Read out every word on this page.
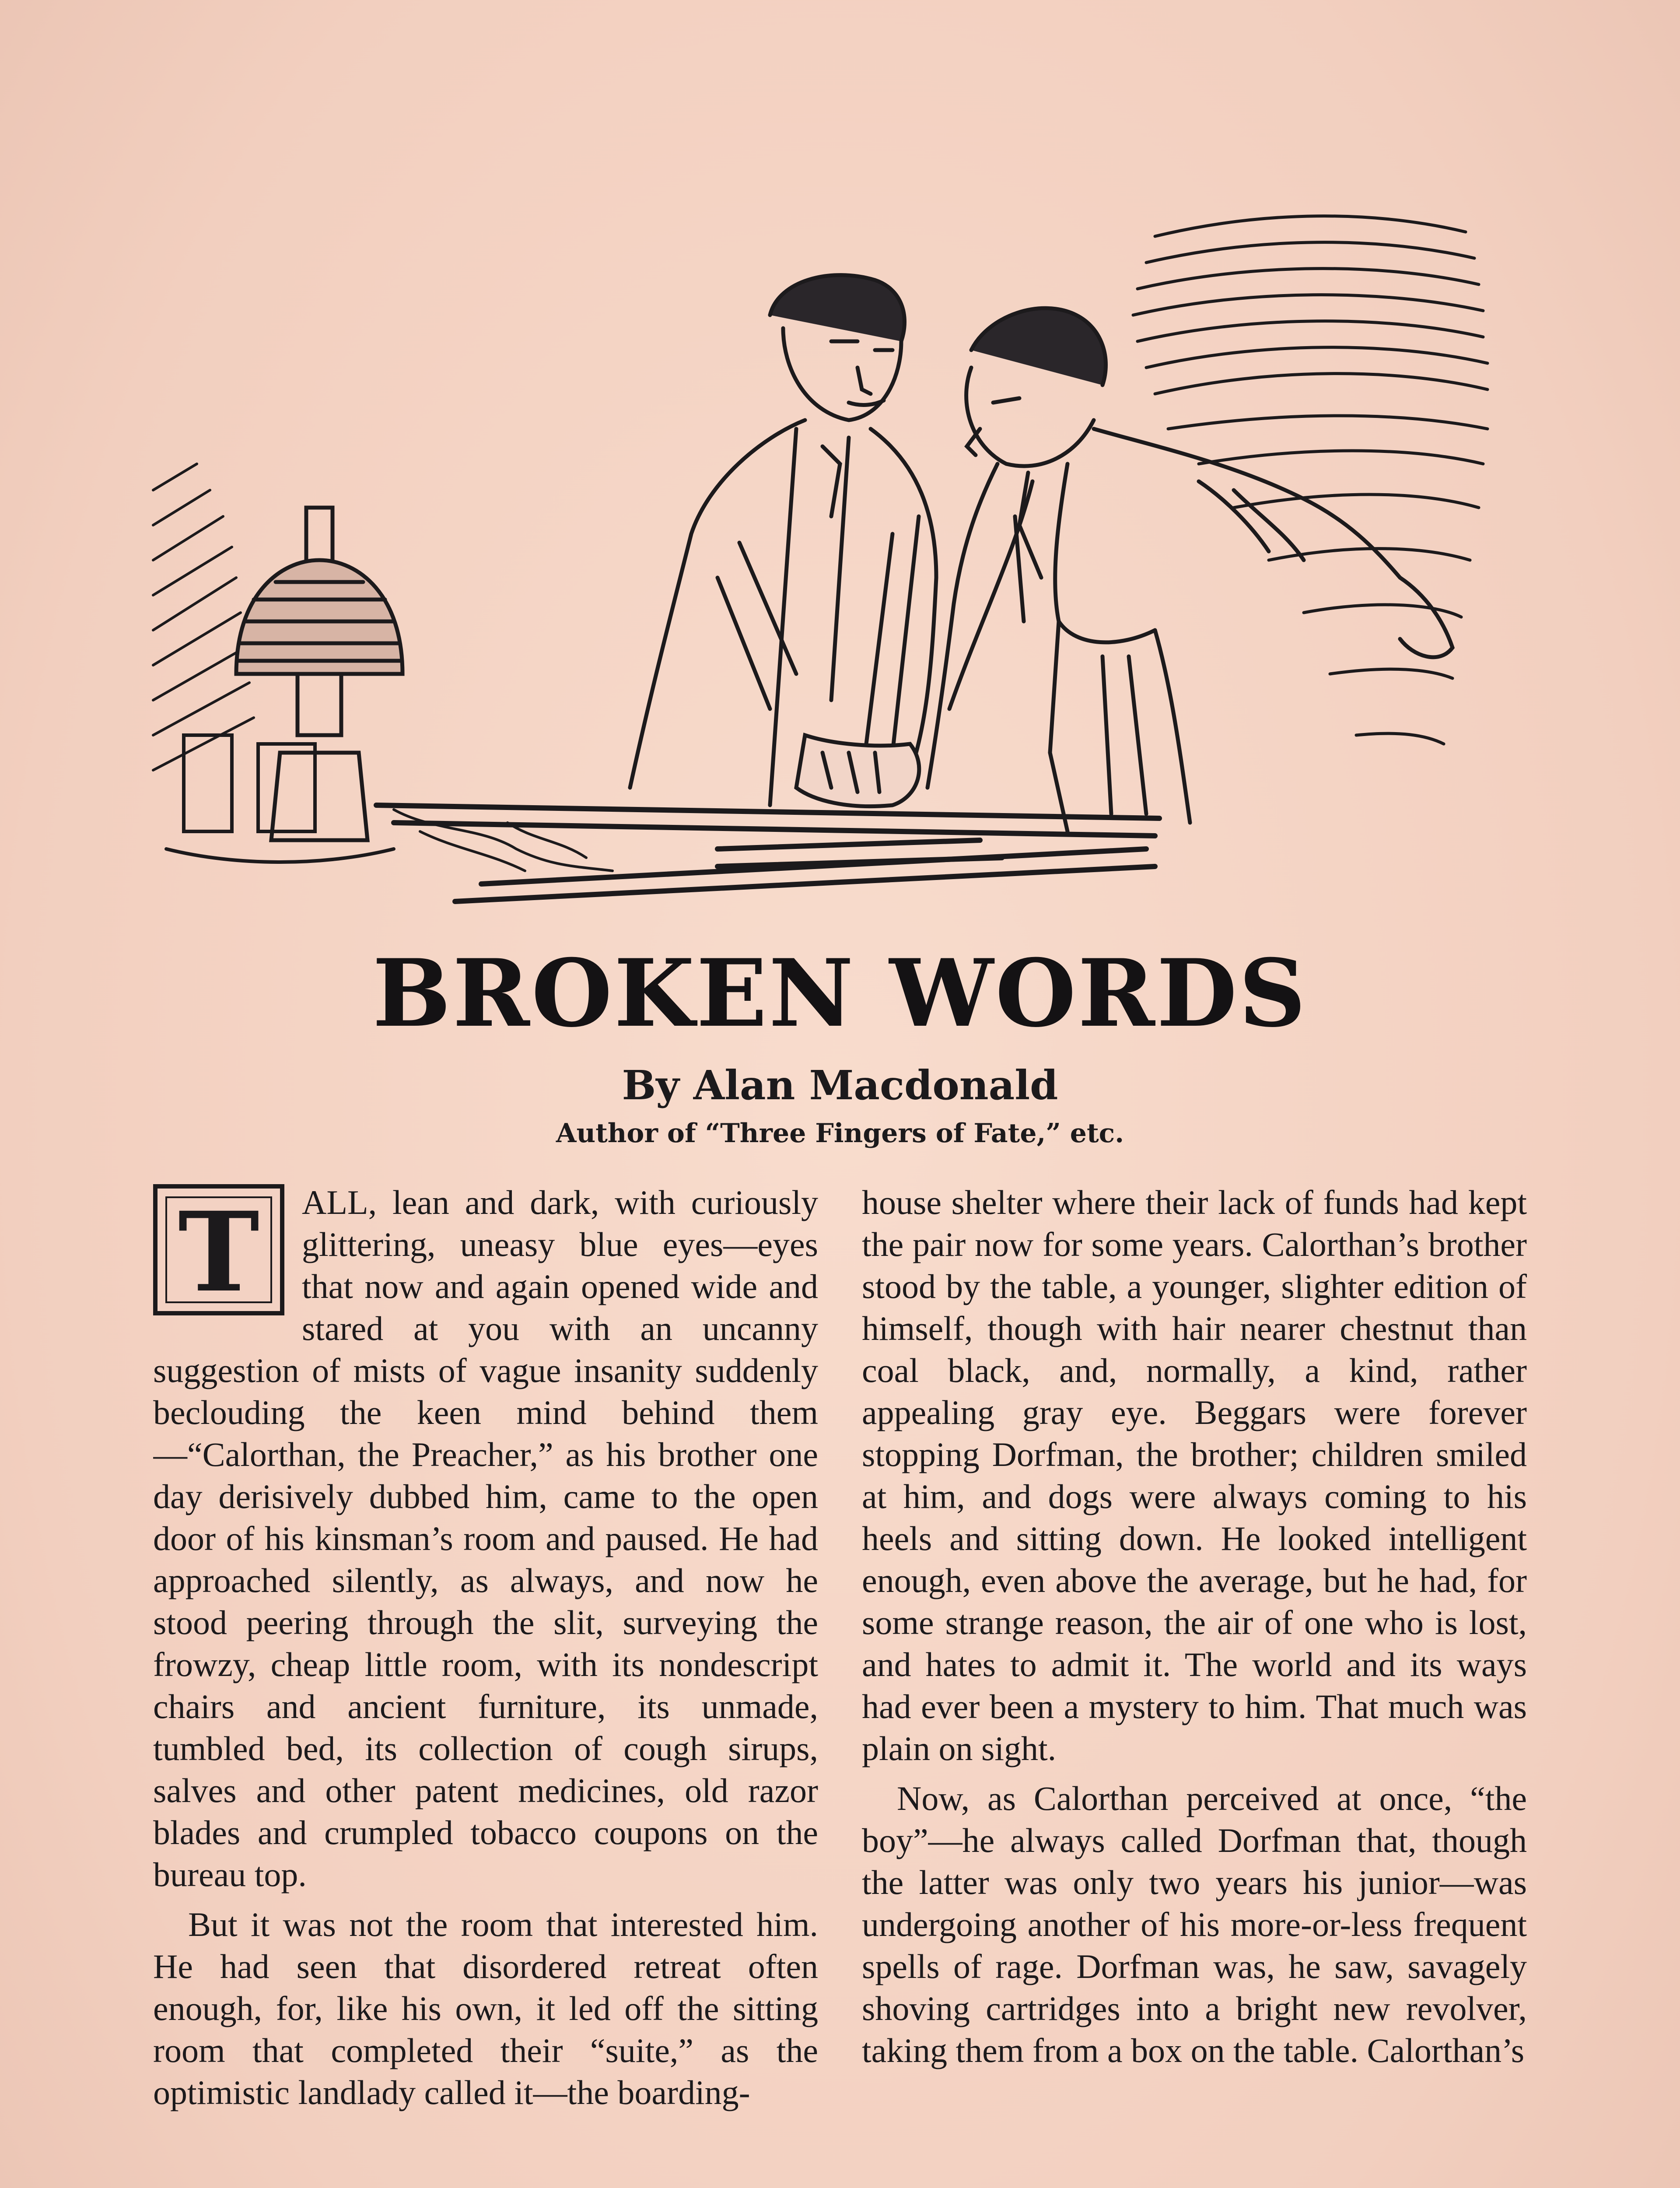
BROKEN WORDS
By Alan Macdonald
Author of “Three Fingers of Fate,” etc.

T	ALL, lean and dark, with curiously glittering, uneasy blue eyes—eyes that now and again opened wide and stared at you with an uncanny suggestion of mists of vague insanity suddenly beclouding the keen mind behind them—“Calorthan, the Preacher,” as his brother one day derisively dubbed him, came to the open door of his kinsman’s room and paused. He had approached silently, as always, and now he stood peering through the slit, surveying the frowzy, cheap little room, with its nondescript chairs and ancient furniture, its unmade, tumbled bed, its collection of cough sirups, salves and other patent medicines, old razor blades and crumpled tobacco coupons on the bureau top.

But it was not the room that interested him. He had seen that disordered retreat often enough, for, like his own, it led off the sitting room that completed their “suite,” as the optimistic landlady called it—the boarding-

house shelter where their lack of funds had kept the pair now for some years. Calorthan’s brother stood by the table, a younger, slighter edition of himself, though with hair nearer chestnut than coal black, and, normally, a kind, rather appealing gray eye. Beggars were forever stopping Dorfman, the brother; children smiled at him, and dogs were always coming to his heels and sitting down. He looked intelligent enough, even above the average, but he had, for some strange reason, the air of one who is lost, and hates to admit it. The world and its ways had ever been a mystery to him. That much was plain on sight.

Now, as Calorthan perceived at once, “the boy”—he always called Dorfman that, though the latter was only two years his junior—was undergoing another of his more-or-less frequent spells of rage. Dorfman was, he saw, savagely shoving cartridges into a bright new revolver, taking them from a box on the table. Calorthan’s
